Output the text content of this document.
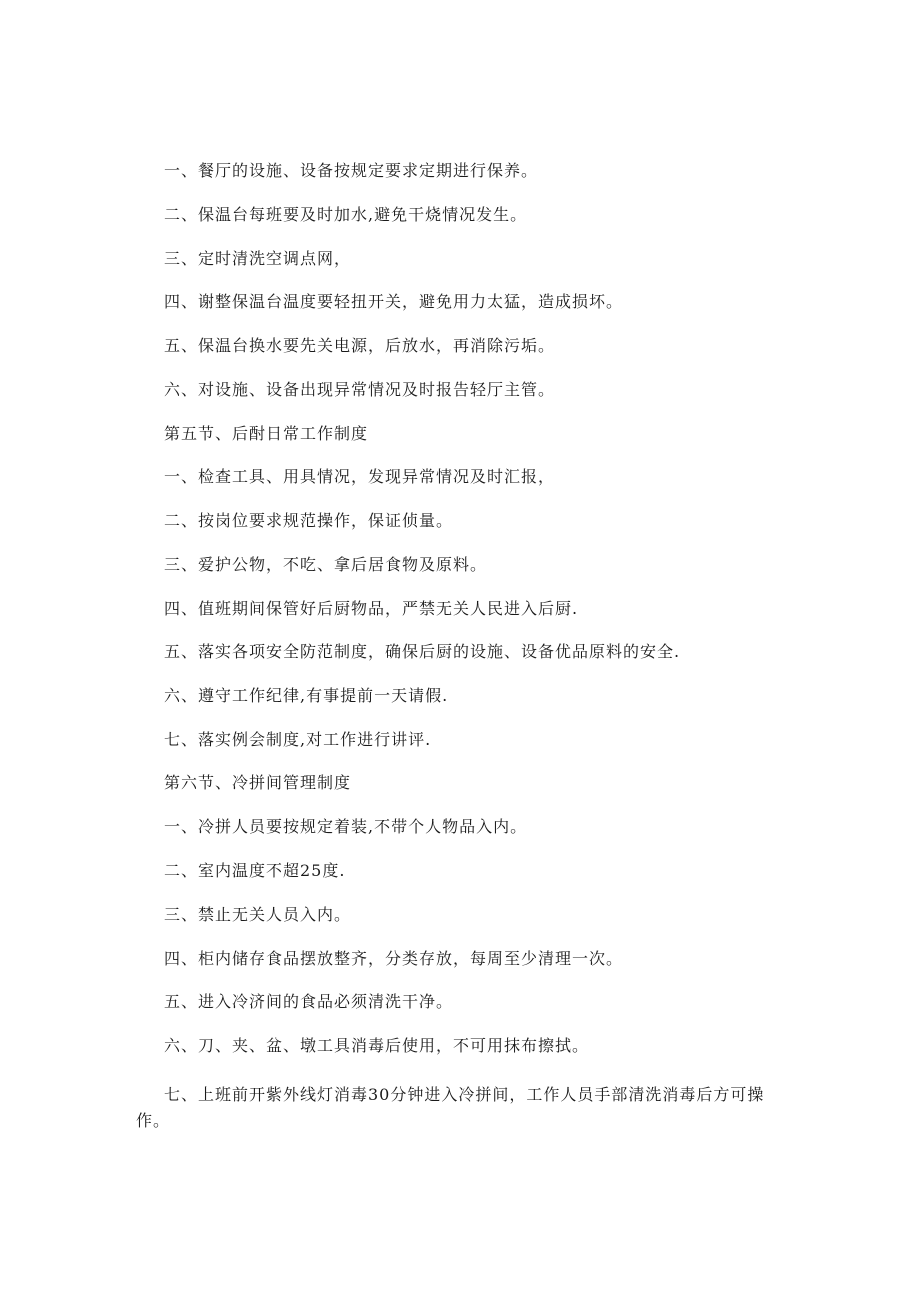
一、餐厅的设施、设备按规定要求定期进行保养。
二、保温台每班要及时加水,避免干烧情况发生。
三、定时清洗空调点网，
四、谢整保温台温度要轻扭开关，避免用力太猛，造成损坏。
五、保温台换水要先关电源，后放水，再消除污垢。
六、对设施、设备出现异常情况及时报告轻厅主管。
第五节、后酎日常工作制度
一、检查工具、用具情况，发现异常情况及时汇报，
二、按岗位要求规范操作，保证侦量。
三、爱护公物，不吃、拿后居食物及原料。
四、值班期间保管好后厨物品，严禁无关人民进入后厨.
五、落实各项安全防范制度，确保后厨的设施、设备优品原料的安全.
六、遵守工作纪律,有事提前一天请假.
七、落实例会制度,对工作进行讲评.
第六节、冷拼间管理制度
一、冷拼人员要按规定着装,不带个人物品入内。
二、室内温度不超25度.
三、禁止无关人员入内。
四、柜内储存食品摆放整齐，分类存放，每周至少清理一次。
五、进入冷济间的食品必须清洗干净。
六、刀、夹、盆、墩工具消毒后使用，不可用抹布擦拭。
七、上班前开紫外线灯消毒30分钟进入冷拼间，工作人员手部清洗消毒后方可操作。
